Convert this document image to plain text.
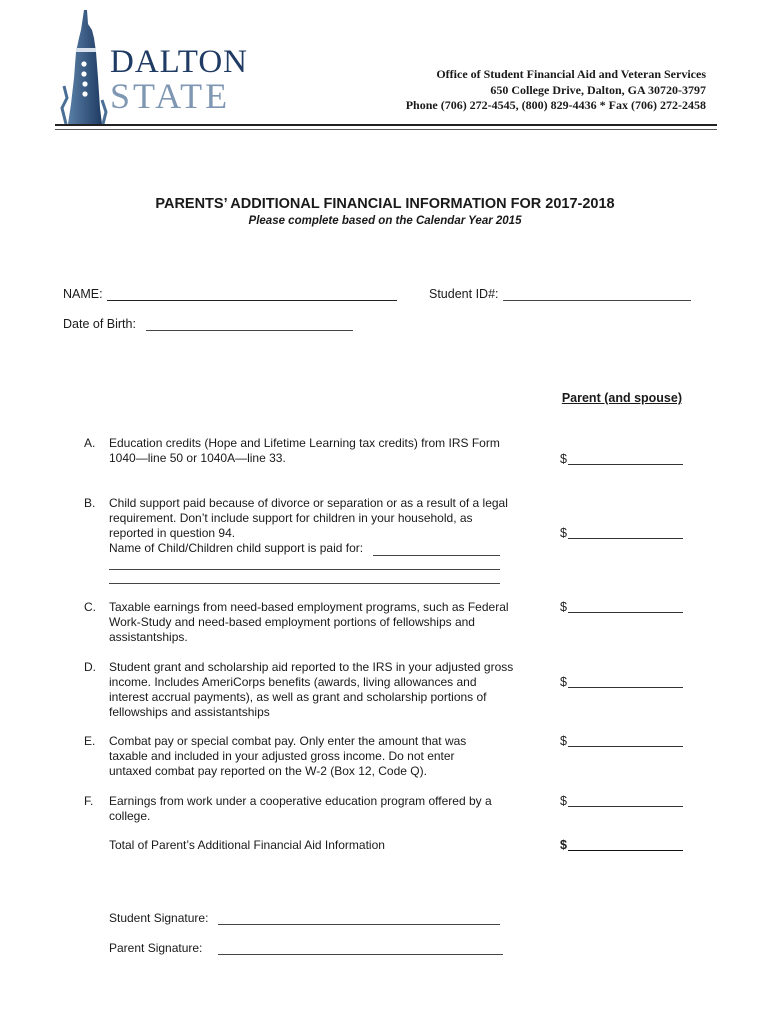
DALTON
STATE
Office of Student Financial Aid and Veteran Services
650 College Drive, Dalton, GA 30720-3797
Phone (706) 272-4545, (800) 829-4436 * Fax (706) 272-2458
PARENTS’ ADDITIONAL FINANCIAL INFORMATION FOR 2017-2018
Please complete based on the Calendar Year 2015
NAME:	Student ID#:
Date of Birth:
Parent (and spouse)
A.	Education credits (Hope and Lifetime Learning tax credits) from IRS Form 1040—line 50 or 1040A—line 33.	$
B.	Child support paid because of divorce or separation or as a result of a legal requirement. Don’t include support for children in your household, as reported in question 94.
Name of Child/Children child support is paid for:
$
C.	Taxable earnings from need-based employment programs, such as Federal Work-Study and need-based employment portions of fellowships and assistantships.
$
D.	Student grant and scholarship aid reported to the IRS in your adjusted gross income. Includes AmeriCorps benefits (awards, living allowances and interest accrual payments), as well as grant and scholarship portions of fellowships and assistantships
$
E.	Combat pay or special combat pay. Only enter the amount that was taxable and included in your adjusted gross income. Do not enter untaxed combat pay reported on the W-2 (Box 12, Code Q).
$
F.	Earnings from work under a cooperative education program offered by a college.
$
Total of Parent’s Additional Financial Aid Information	$
Student Signature:
Parent Signature:
